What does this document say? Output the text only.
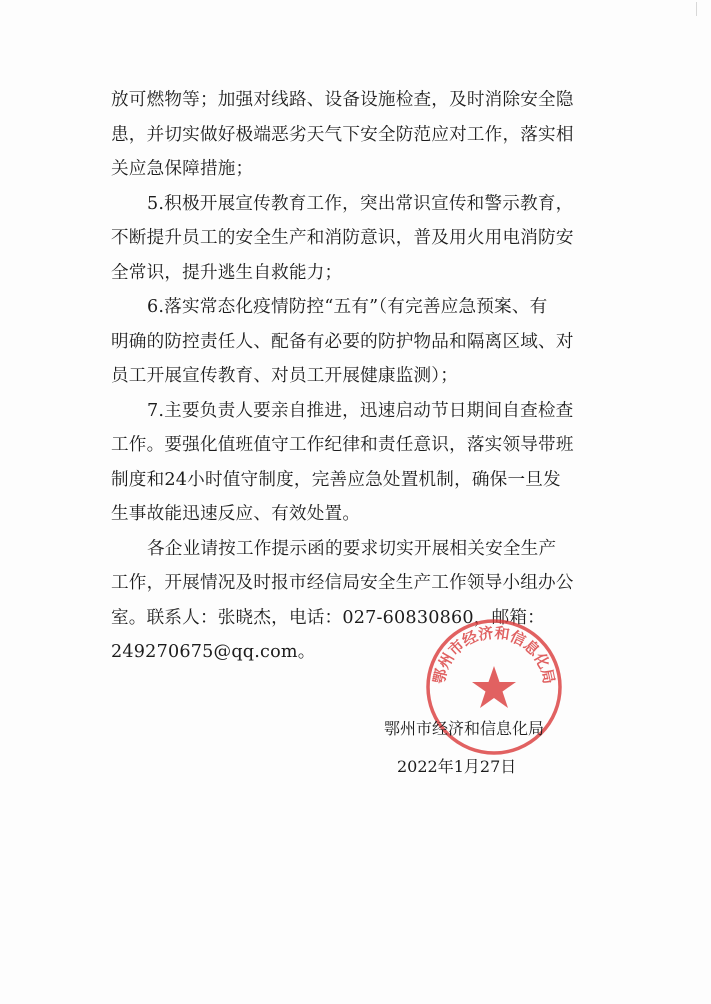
放可燃物等；加强对线路、设备设施检查，及时消除安全隐
患，并切实做好极端恶劣天气下安全防范应对工作，落实相
关应急保障措施；
5.积极开展宣传教育工作，突出常识宣传和警示教育，
不断提升员工的安全生产和消防意识，普及用火用电消防安
全常识，提升逃生自救能力；
6.落实常态化疫情防控“五有”（有完善应急预案、有
明确的防控责任人、配备有必要的防护物品和隔离区域、对
员工开展宣传教育、对员工开展健康监测）；
7.主要负责人要亲自推进，迅速启动节日期间自查检查
工作。要强化值班值守工作纪律和责任意识，落实领导带班
制度和24小时值守制度，完善应急处置机制，确保一旦发
生事故能迅速反应、有效处置。
各企业请按工作提示函的要求切实开展相关安全生产
工作，开展情况及时报市经信局安全生产工作领导小组办公
室。联系人：张晓杰，电话：027-60830860，邮箱：
249270675@qq.com。
鄂州市经济和信息化局
鄂州市经济和信息化局
2022年1月27日
